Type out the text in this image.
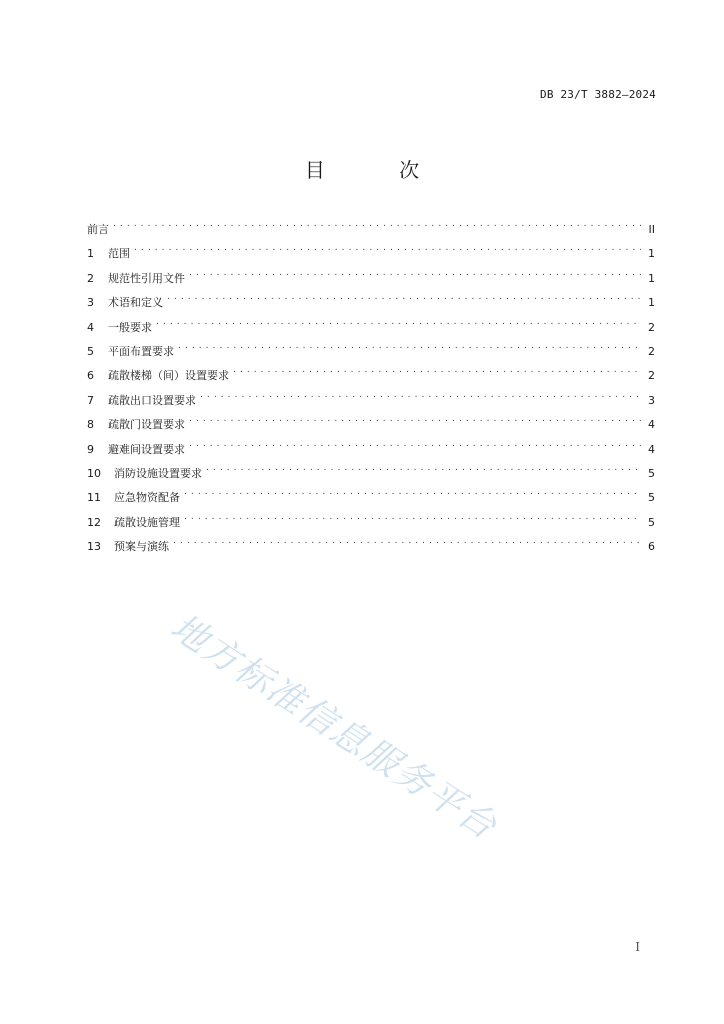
DB 23/T 3882—2024
目 次
前言 . . .	II
1	范围 . . .	1
2	规范性引用文件 . . .	1
3	术语和定义 . . .	1
4	一般要求 . . .	2
5	平面布置要求 . . .	2
6	疏散楼梯（间）设置要求 . . .	2
7	疏散出口设置要求 . . .	3
8	疏散门设置要求 . . .	4
9	避难间设置要求 . . .	4
10	消防设施设置要求 . . .	5
11	应急物资配备 . . .	5
12	疏散设施管理 . . .	5
13	预案与演练 . . .	6
地方标准信息服务平台
I
